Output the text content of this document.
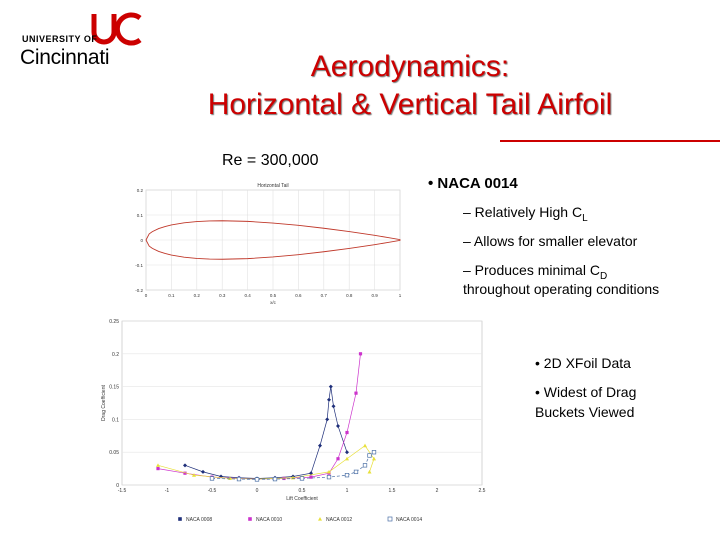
UNIVERSITY OF
Cincinnati	Aerodynamics:
Horizontal & Vertical Tail Airfoil
Re = 300,000
0.2
0.1
0
-0.1
-0.2
0	0.1	0.2	0.3	0.4	0.5	0.6	0.7	0.8	0.9	1
Horizontal Tail
x/c
0
0.05
0.1
0.15
0.2
0.25
-1.5	-1	-0.5	0	0.5	1	1.5	2	2.5
Lift Coefficient
Drag Coefficient
NACA 0008	NACA 0010	NACA 0012	NACA 0014
• NACA 0014
– Relatively High $C_L$
– Allows for smaller elevator
– Produces minimal $C_D$
throughout operating conditions
• 2D XFoil Data
• Widest of Drag
Buckets Viewed
